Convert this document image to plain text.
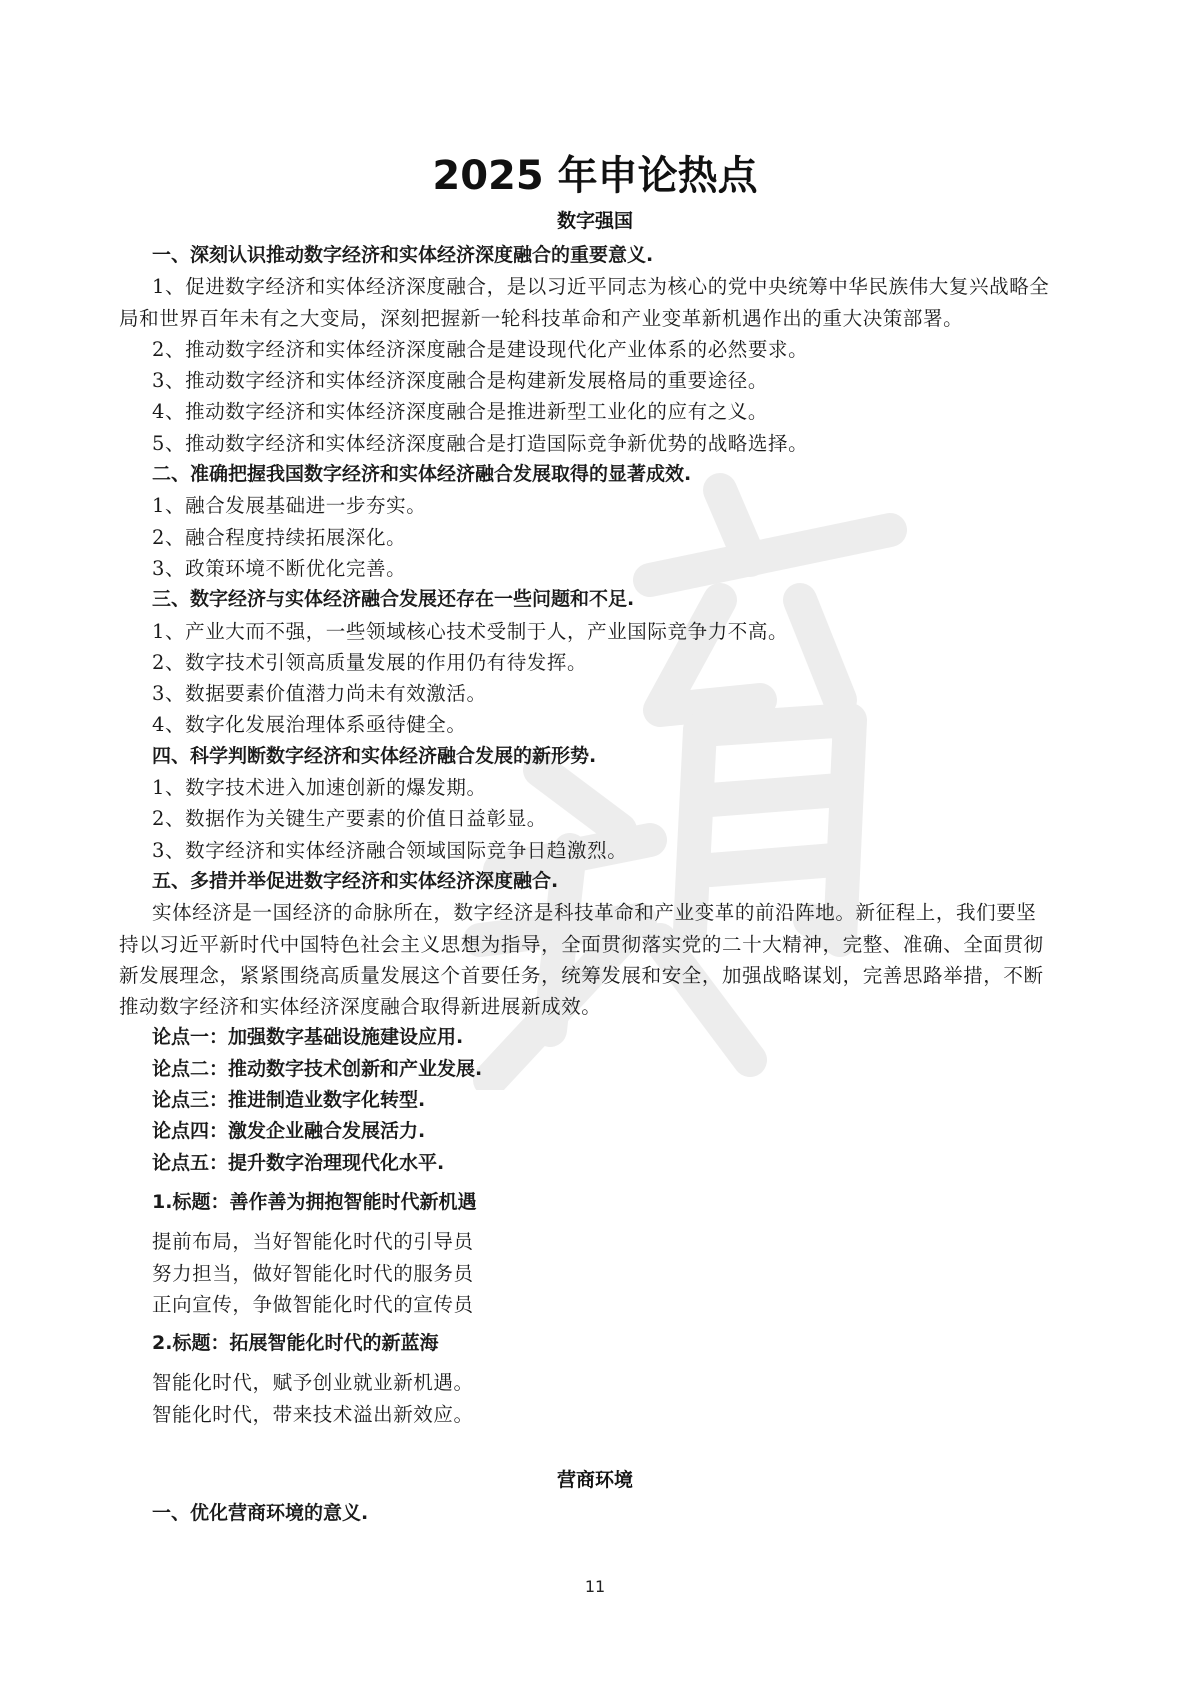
2025 年申论热点
数字强国

一、深刻认识推动数字经济和实体经济深度融合的重要意义.

1、促进数字经济和实体经济深度融合，是以习近平同志为核心的党中央统筹中华民族伟大复兴战略全

局和世界百年未有之大变局，深刻把握新一轮科技革命和产业变革新机遇作出的重大决策部署。

2、推动数字经济和实体经济深度融合是建设现代化产业体系的必然要求。

3、推动数字经济和实体经济深度融合是构建新发展格局的重要途径。

4、推动数字经济和实体经济深度融合是推进新型工业化的应有之义。

5、推动数字经济和实体经济深度融合是打造国际竞争新优势的战略选择。

二、准确把握我国数字经济和实体经济融合发展取得的显著成效.

1、融合发展基础进一步夯实。

2、融合程度持续拓展深化。

3、政策环境不断优化完善。

三、数字经济与实体经济融合发展还存在一些问题和不足.

1、产业大而不强，一些领域核心技术受制于人，产业国际竞争力不高。

2、数字技术引领高质量发展的作用仍有待发挥。

3、数据要素价值潜力尚未有效激活。

4、数字化发展治理体系亟待健全。

四、科学判断数字经济和实体经济融合发展的新形势.

1、数字技术进入加速创新的爆发期。

2、数据作为关键生产要素的价值日益彰显。

3、数字经济和实体经济融合领域国际竞争日趋激烈。

五、多措并举促进数字经济和实体经济深度融合.

实体经济是一国经济的命脉所在，数字经济是科技革命和产业变革的前沿阵地。新征程上，我们要坚

持以习近平新时代中国特色社会主义思想为指导，全面贯彻落实党的二十大精神，完整、准确、全面贯彻

新发展理念，紧紧围绕高质量发展这个首要任务，统筹发展和安全，加强战略谋划，完善思路举措，不断

推动数字经济和实体经济深度融合取得新进展新成效。

论点一：加强数字基础设施建设应用.

论点二：推动数字技术创新和产业发展.

论点三：推进制造业数字化转型.

论点四：激发企业融合发展活力.

论点五：提升数字治理现代化水平.

1.标题：善作善为拥抱智能时代新机遇

提前布局，当好智能化时代的引导员

努力担当，做好智能化时代的服务员

正向宣传，争做智能化时代的宣传员

2.标题：拓展智能化时代的新蓝海

智能化时代，赋予创业就业新机遇。

智能化时代，带来技术溢出新效应。

营商环境

一、优化营商环境的意义.

11
